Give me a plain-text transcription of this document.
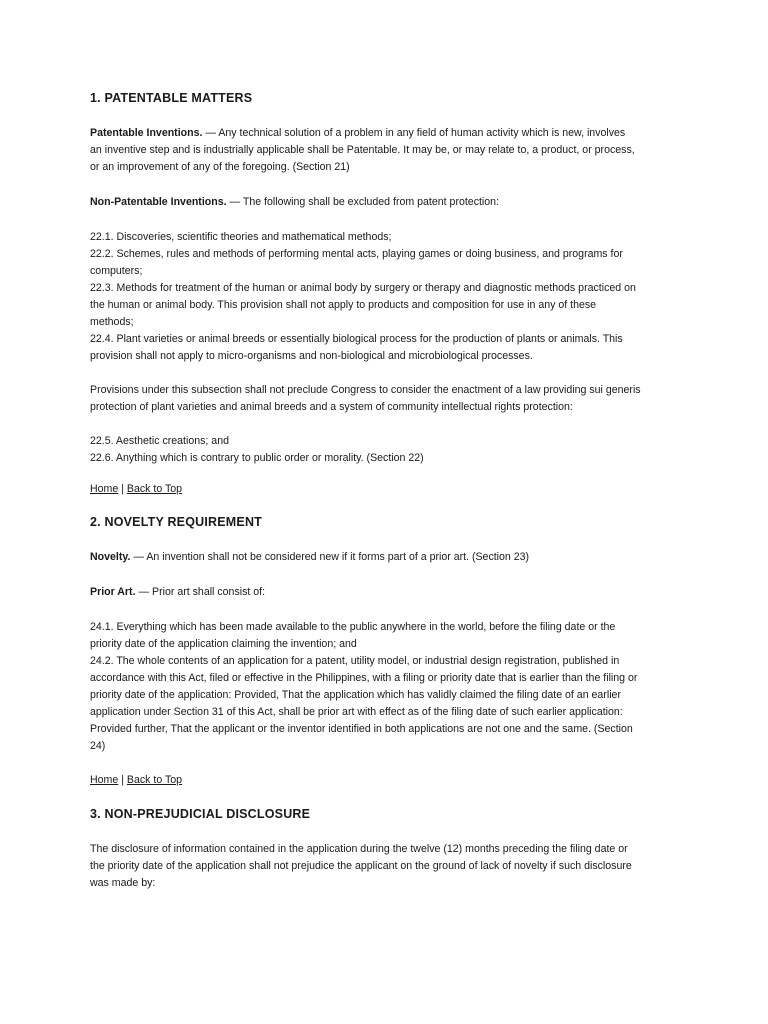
1. PATENTABLE MATTERS
Patentable Inventions. — Any technical solution of a problem in any field of human activity which is new, involves
an inventive step and is industrially applicable shall be Patentable. It may be, or may relate to, a product, or process,
or an improvement of any of the foregoing. (Section 21)
Non-Patentable Inventions. — The following shall be excluded from patent protection:
22.1. Discoveries, scientific theories and mathematical methods;
22.2. Schemes, rules and methods of performing mental acts, playing games or doing business, and programs for
computers;
22.3. Methods for treatment of the human or animal body by surgery or therapy and diagnostic methods practiced on
the human or animal body. This provision shall not apply to products and composition for use in any of these
methods;
22.4. Plant varieties or animal breeds or essentially biological process for the production of plants or animals. This
provision shall not apply to micro-organisms and non-biological and microbiological processes.
Provisions under this subsection shall not preclude Congress to consider the enactment of a law providing sui generis
protection of plant varieties and animal breeds and a system of community intellectual rights protection:
22.5. Aesthetic creations; and
22.6. Anything which is contrary to public order or morality. (Section 22)
Home | Back to Top
2. NOVELTY REQUIREMENT
Novelty. — An invention shall not be considered new if it forms part of a prior art. (Section 23)
Prior Art. — Prior art shall consist of:
24.1. Everything which has been made available to the public anywhere in the world, before the filing date or the
priority date of the application claiming the invention; and
24.2. The whole contents of an application for a patent, utility model, or industrial design registration, published in
accordance with this Act, filed or effective in the Philippines, with a filing or priority date that is earlier than the filing or
priority date of the application: Provided, That the application which has validly claimed the filing date of an earlier
application under Section 31 of this Act, shall be prior art with effect as of the filing date of such earlier application:
Provided further, That the applicant or the inventor identified in both applications are not one and the same. (Section
24)
Home | Back to Top
3. NON-PREJUDICIAL DISCLOSURE
The disclosure of information contained in the application during the twelve (12) months preceding the filing date or
the priority date of the application shall not prejudice the applicant on the ground of lack of novelty if such disclosure
was made by:
